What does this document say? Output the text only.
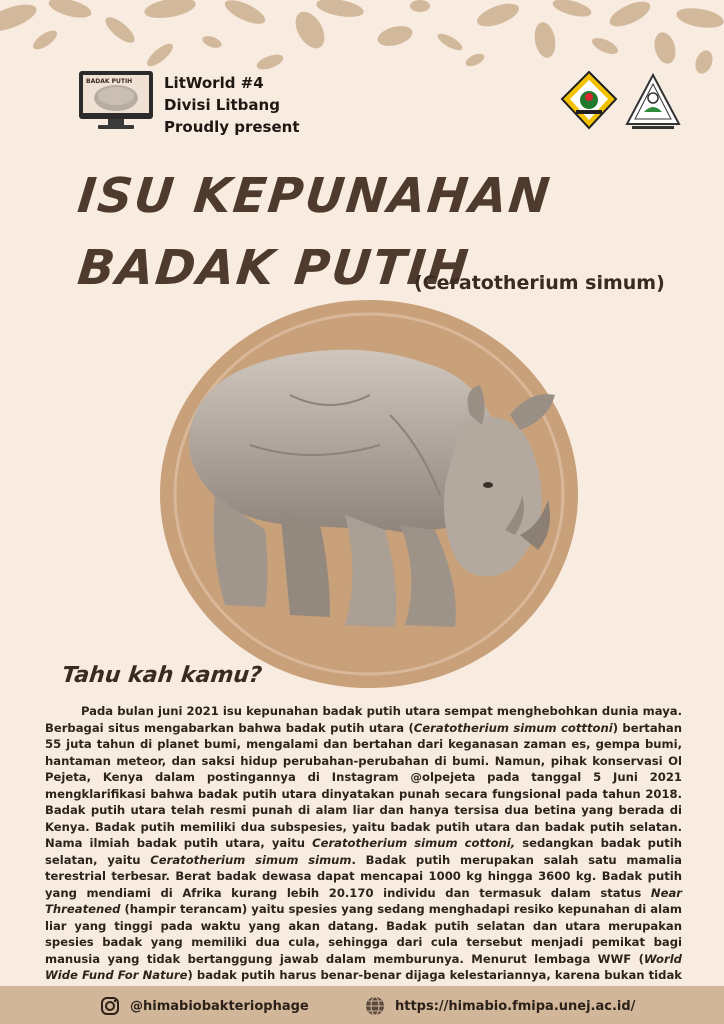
BADAK PUTIH LitWorld #4
Divisi Litbang
Proudly present
ISU KEPUNAHAN
BADAK PUTIH
(Ceratotherium simum)
Tahu kah kamu?

Pada bulan juni 2021 isu kepunahan badak putih utara sempat menghebohkan dunia maya. Berbagai situs mengabarkan bahwa badak putih utara (Ceratotherium simum cotttoni) bertahan 55 juta tahun di planet bumi, mengalami dan bertahan dari keganasan zaman es, gempa bumi, hantaman meteor, dan saksi hidup perubahan-perubahan di bumi. Namun, pihak konservasi Ol Pejeta, Kenya dalam postingannya di Instagram @olpejeta pada tanggal 5 Juni 2021 mengklarifikasi bahwa badak putih utara dinyatakan punah secara fungsional pada tahun 2018. Badak putih utara telah resmi punah di alam liar dan hanya tersisa dua betina yang berada di Kenya. Badak putih memiliki dua subspesies, yaitu badak putih utara dan badak putih selatan. Nama ilmiah badak putih utara, yaitu Ceratotherium simum cottoni, sedangkan badak putih selatan, yaitu Ceratotherium simum simum. Badak putih merupakan salah satu mamalia terestrial terbesar. Berat badak dewasa dapat mencapai 1000 kg hingga 3600 kg. Badak putih yang mendiami di Afrika kurang lebih 20.170 individu dan termasuk dalam status Near Threatened (hampir terancam) yaitu spesies yang sedang menghadapi resiko kepunahan di alam liar yang tinggi pada waktu yang akan datang. Badak putih selatan dan utara merupakan spesies badak yang memiliki dua cula, sehingga dari cula tersebut menjadi pemikat bagi manusia yang tidak bertanggung jawab dalam memburunya. Menurut lembaga WWF (World Wide Fund For Nature) badak putih harus benar-benar dijaga kelestariannya, karena bukan tidak

@himabiobakteriophage	https://himabio.fmipa.unej.ac.id/
